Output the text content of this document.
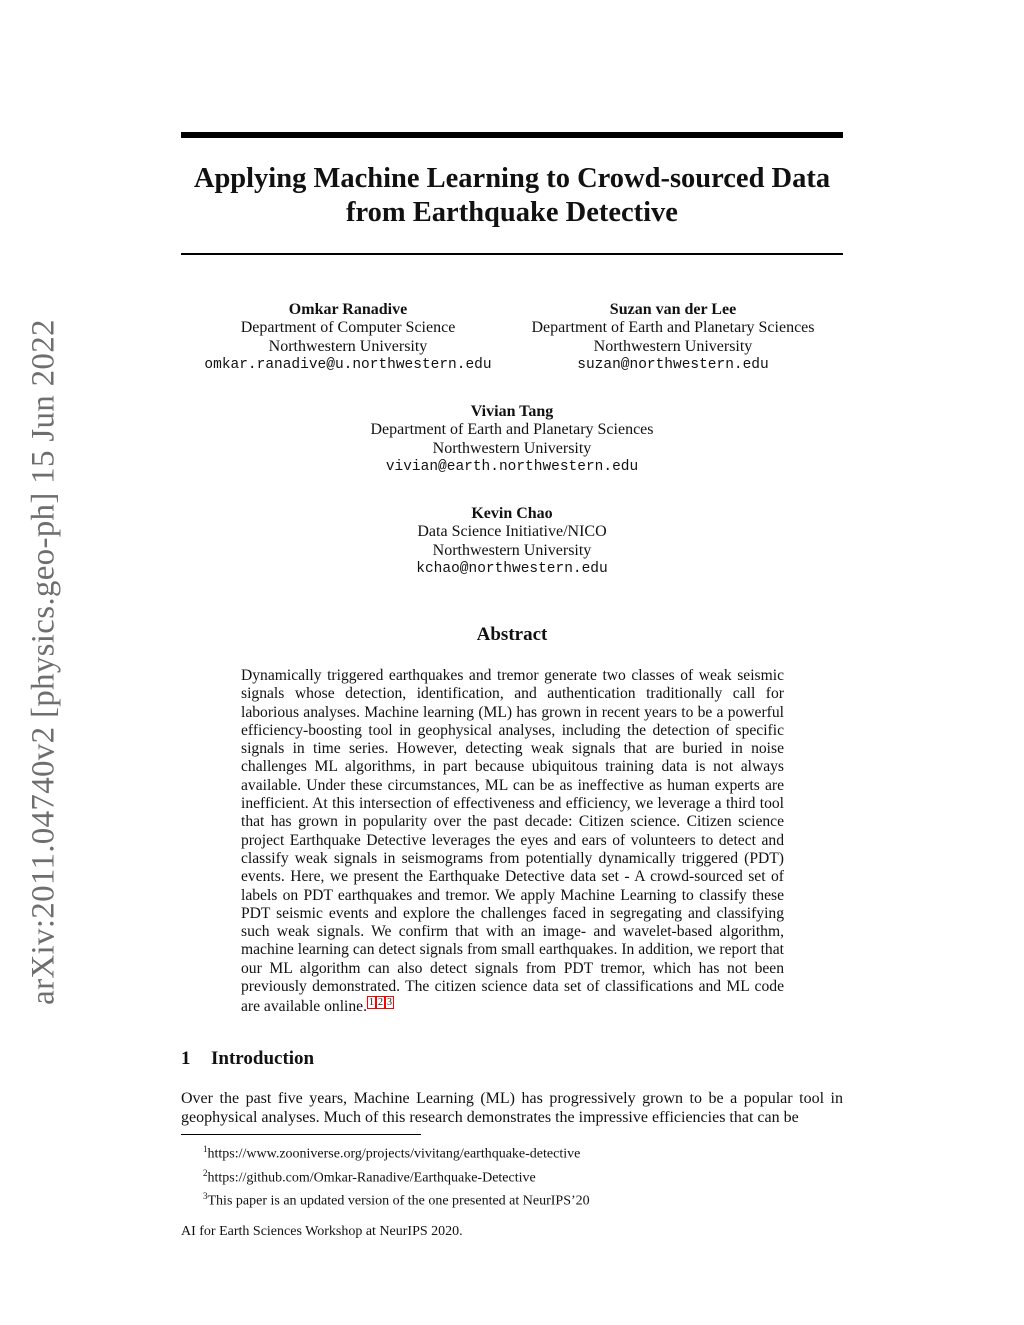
arXiv:2011.04740v2 [physics.geo-ph] 15 Jun 2022
Applying Machine Learning to Crowd-sourced Data
from Earthquake Detective
Omkar Ranadive
Department of Computer Science
Northwestern University
omkar.ranadive@u.northwestern.edu
Suzan van der Lee
Department of Earth and Planetary Sciences
Northwestern University
suzan@northwestern.edu
Vivian Tang
Department of Earth and Planetary Sciences
Northwestern University
vivian@earth.northwestern.edu
Kevin Chao
Data Science Initiative/NICO
Northwestern University
kchao@northwestern.edu
Abstract

Dynamically triggered earthquakes and tremor generate two classes of weak seismic signals whose detection, identification, and authentication traditionally call for laborious analyses. Machine learning (ML) has grown in recent years to be a powerful efficiency-boosting tool in geophysical analyses, including the detection of specific signals in time series. However, detecting weak signals that are buried in noise challenges ML algorithms, in part because ubiquitous training data is not always available. Under these circumstances, ML can be as ineffective as human experts are inefficient. At this intersection of effectiveness and efficiency, we leverage a third tool that has grown in popularity over the past decade: Citizen science. Citizen science project Earthquake Detective leverages the eyes and ears of volunteers to detect and classify weak signals in seismograms from potentially dynamically triggered (PDT) events. Here, we present the Earthquake Detective data set - A crowd-sourced set of labels on PDT earthquakes and tremor. We apply Machine Learning to classify these PDT seismic events and explore the challenges faced in segregating and classifying such weak signals. We confirm that with an image- and wavelet-based algorithm, machine learning can detect signals from small earthquakes. In addition, we report that our ML algorithm can also detect signals from PDT tremor, which has not been previously demonstrated. The citizen science data set of classifications and ML code are available online. 1 2 3

1 Introduction

Over the past five years, Machine Learning (ML) has progressively grown to be a popular tool in geophysical analyses. Much of this research demonstrates the impressive efficiencies that can be

$^1$https://www.zooniverse.org/projects/vivitang/earthquake-detective
$^2$https://github.com/Omkar-Ranadive/Earthquake-Detective
$^3$This paper is an updated version of the one presented at NeurIPS’20
AI for Earth Sciences Workshop at NeurIPS 2020.
